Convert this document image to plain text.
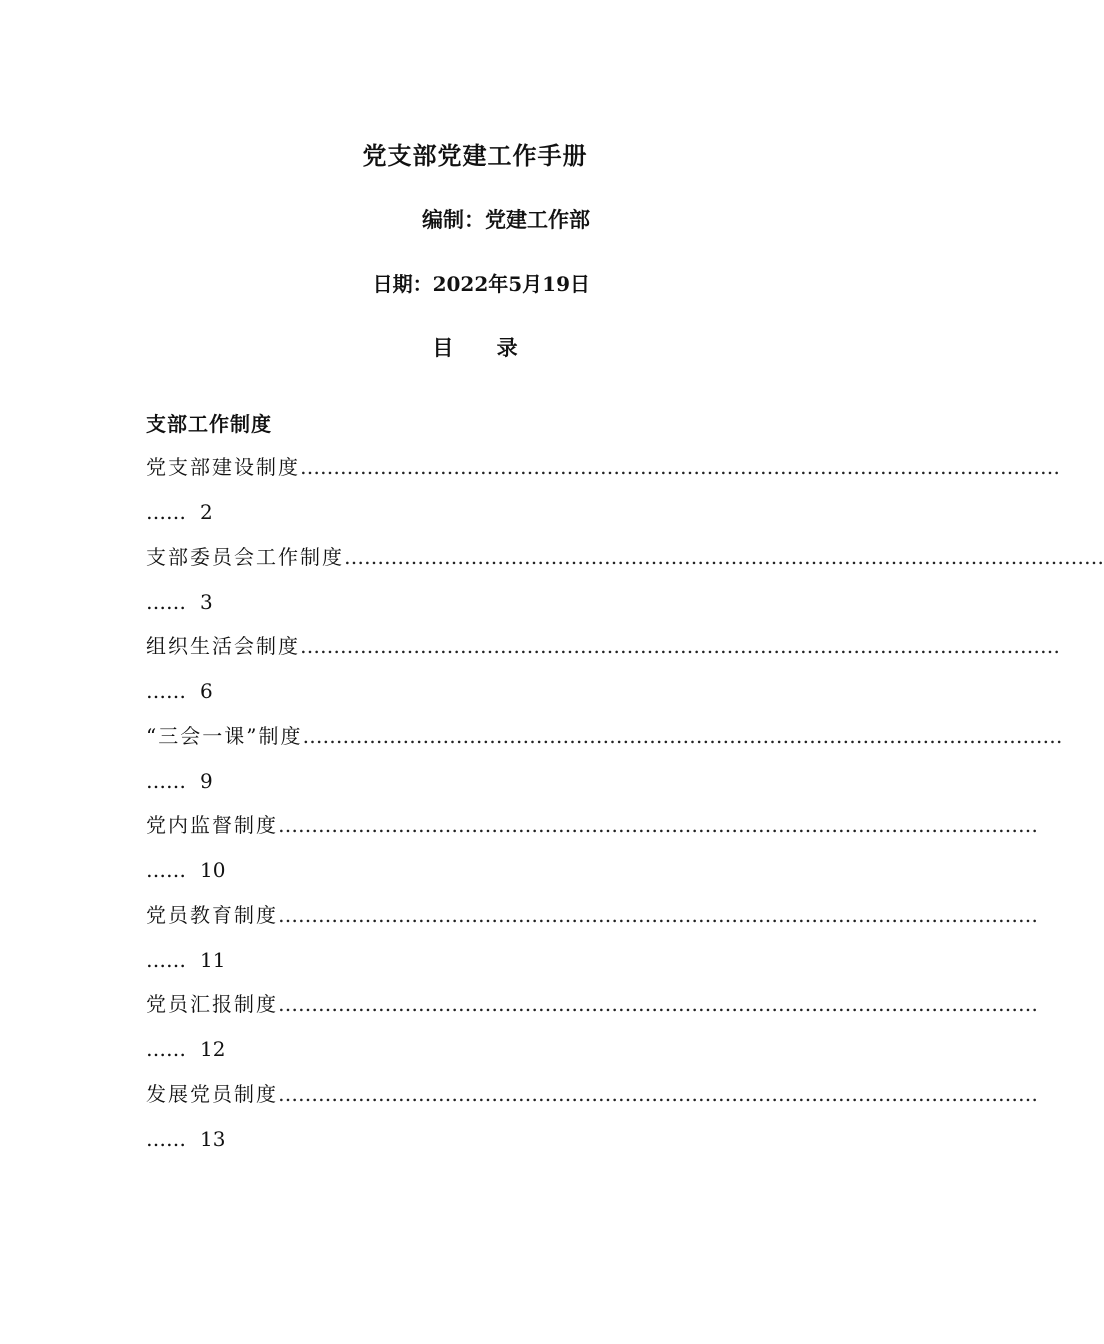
党支部党建工作手册
编制：党建工作部
日期：2022年5月19日
目 录
支部工作制度
党支部建设制度……………………………………………………………………………………………………
…… 2
支部委员会工作制度……………………………………………………………………………………………………
…… 3
组织生活会制度……………………………………………………………………………………………………
…… 6
“三会一课”制度……………………………………………………………………………………………………
…… 9
党内监督制度……………………………………………………………………………………………………
…… 10
党员教育制度……………………………………………………………………………………………………
…… 11
党员汇报制度……………………………………………………………………………………………………
…… 12
发展党员制度……………………………………………………………………………………………………
…… 13
